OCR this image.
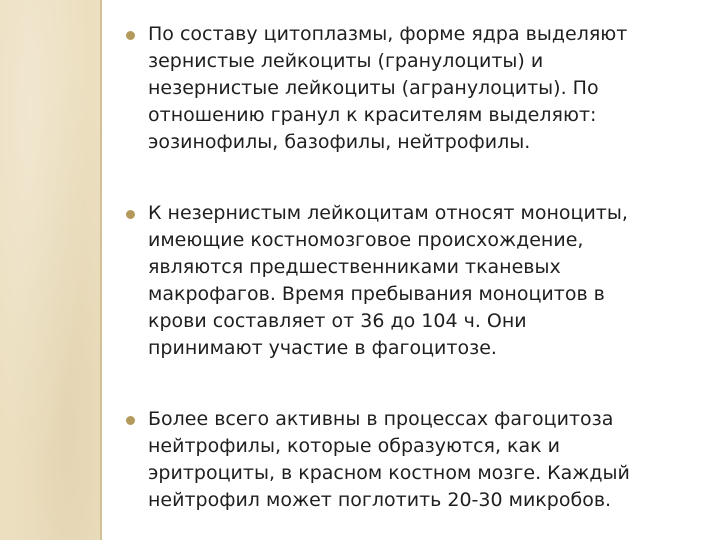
По составу цитоплазмы, форме ядра выделяют
зернистые лейкоциты (гранулоциты) и
незернистые лейкоциты (агранулоциты). По
отношению гранул к красителям выделяют:
эозинофилы, базофилы, нейтрофилы.

К незернистым лейкоцитам относят моноциты,
имеющие костномозговое происхождение,
являются предшественниками тканевых
макрофагов. Время пребывания моноцитов в
крови составляет от 36 до 104 ч. Они
принимают участие в фагоцитозе.

Более всего активны в процессах фагоцитоза
нейтрофилы, которые образуются, как и
эритроциты, в красном костном мозге. Каждый
нейтрофил может поглотить 20-30 микробов.
